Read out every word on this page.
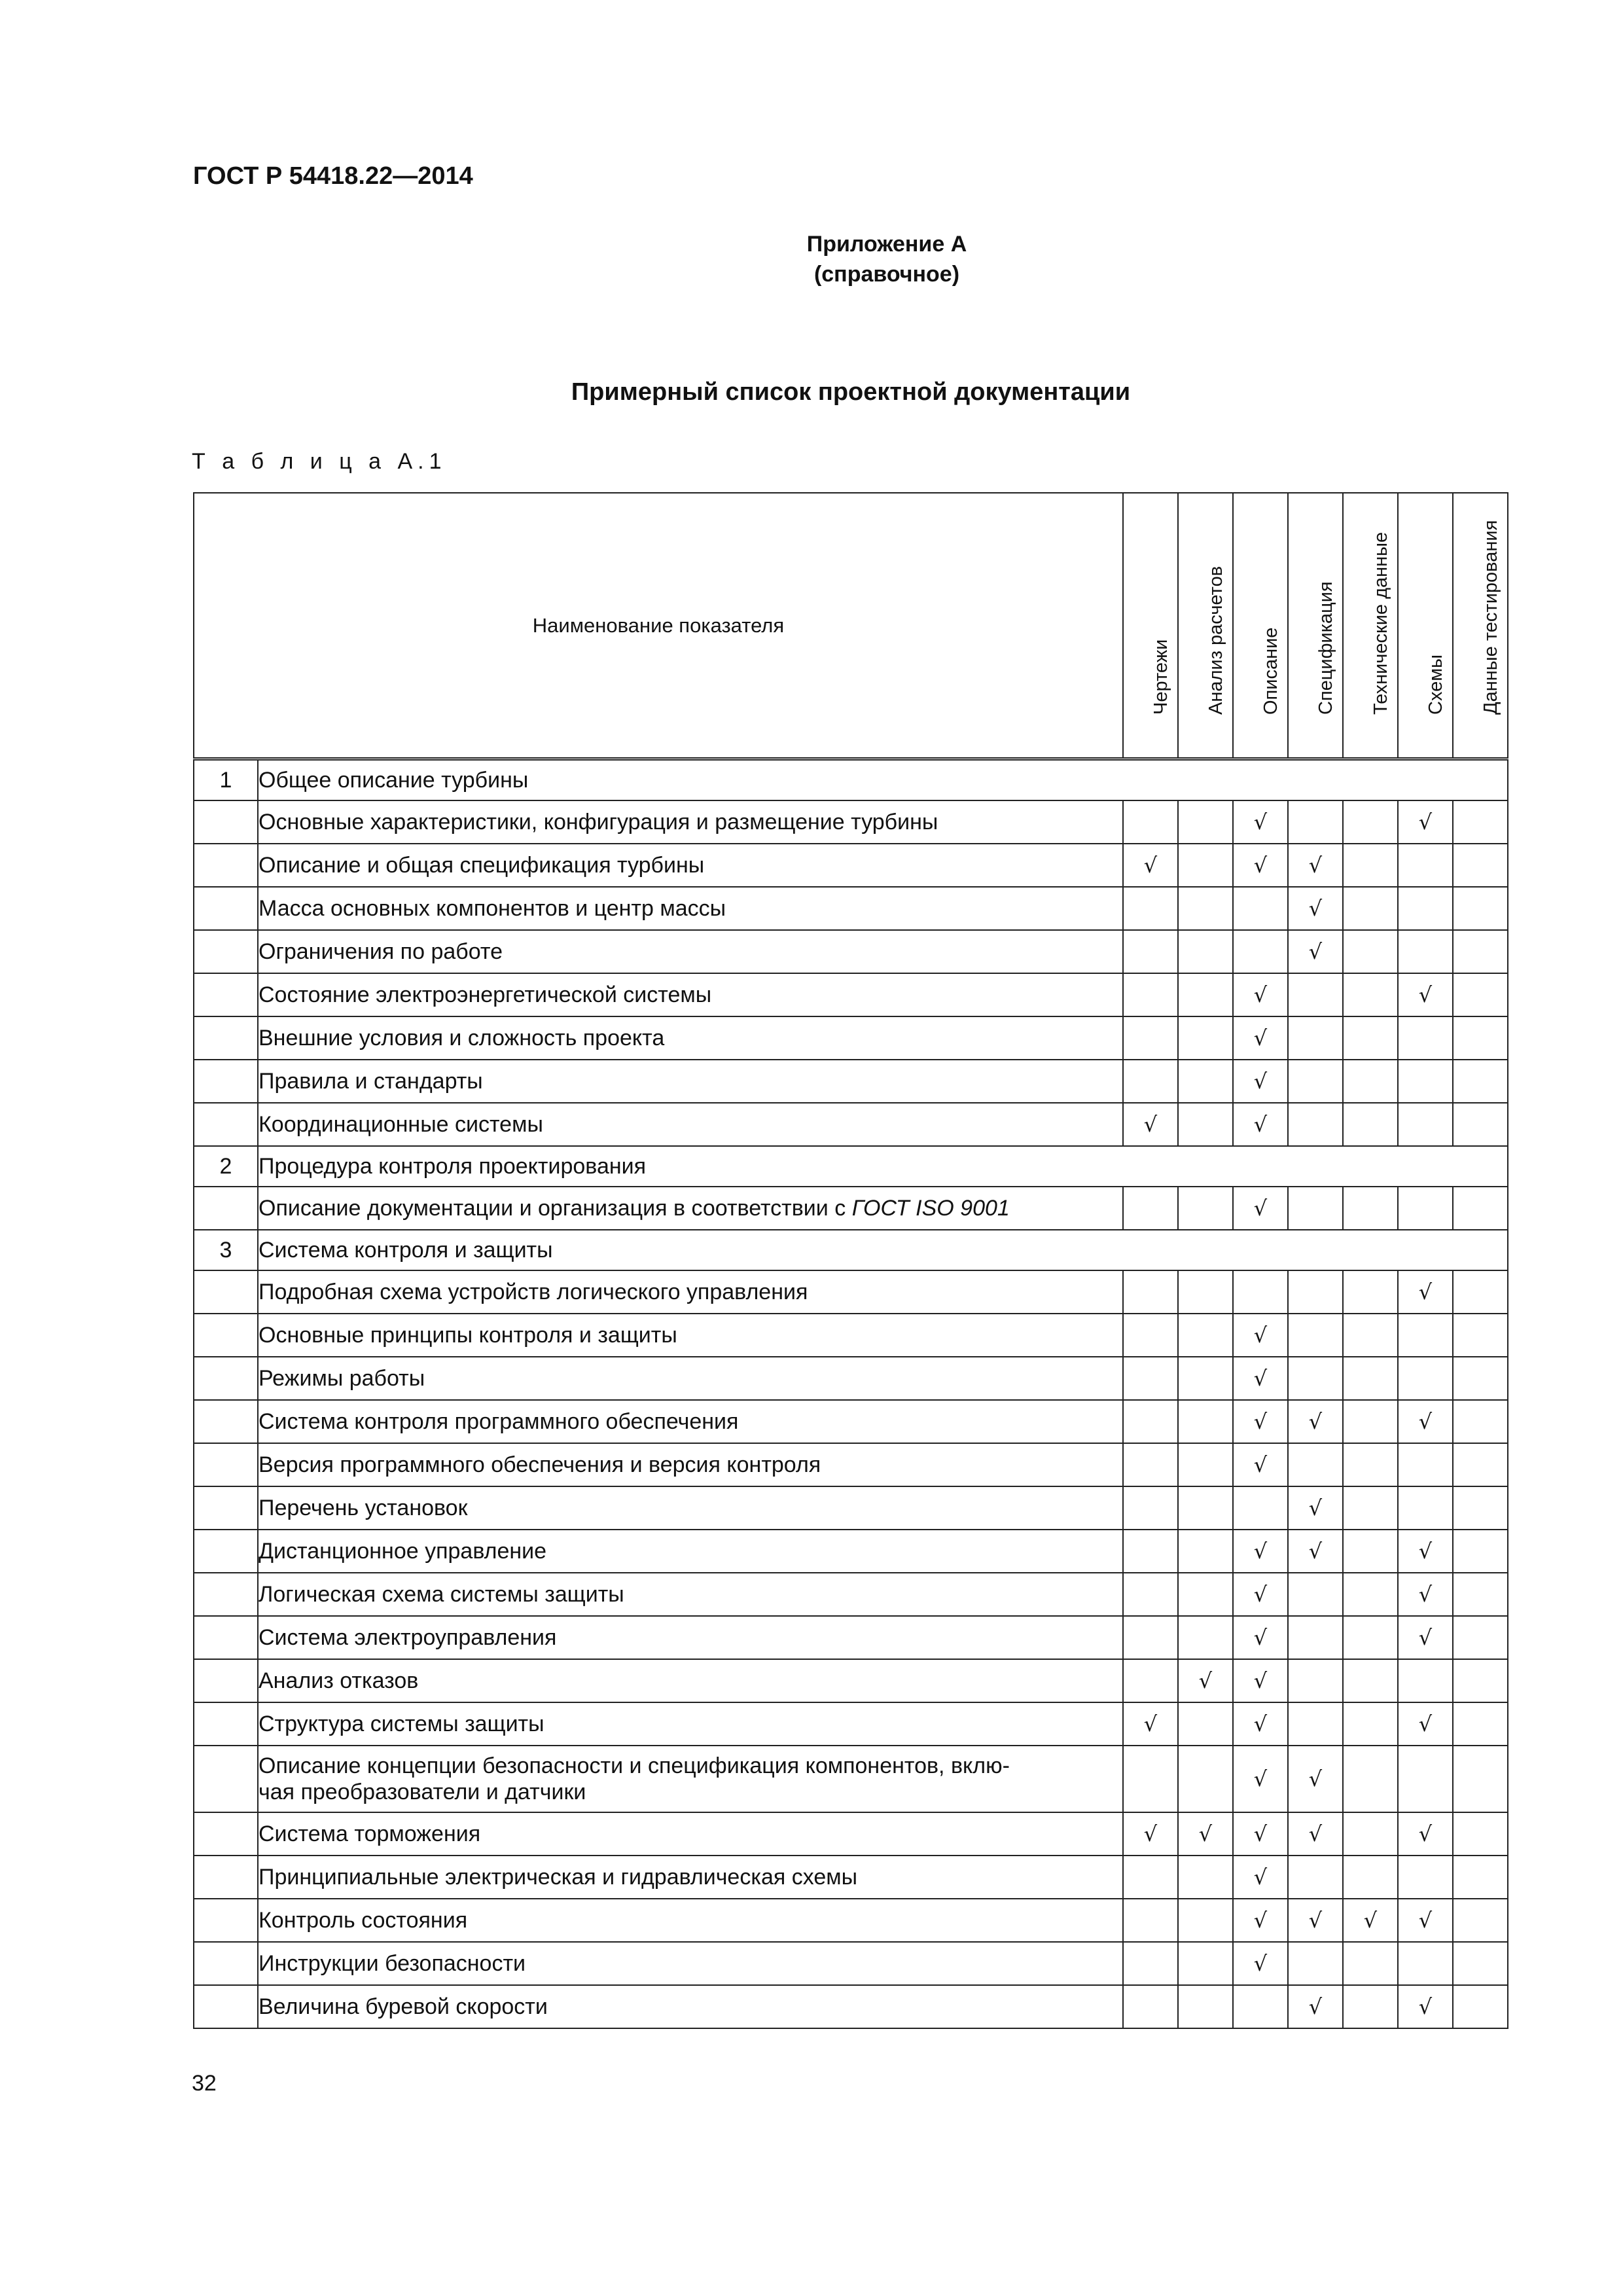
ГОСТ Р 54418.22—2014
Приложение А
(справочное)
Примерный список проектной документации
Т а б л и ц а А.1
Наименование показателя		Чертежи	Анализ расчетов	Описание	Спецификация	Технические данные	Схемы	Данные тестирования

1	Общее описание турбины							
	Основные характеристики, конфигурация и размещение турбины			√			√	
	Описание и общая спецификация турбины	√		√	√			
	Масса основных компонентов и центр массы				√			
	Ограничения по работе				√			
	Состояние электроэнергетической системы			√			√	
	Внешние условия и сложность проекта			√				
	Правила и стандарты			√				
	Координационные системы	√		√				
2	Процедура контроля проектирования							
	Описание документации и организация в соответствии с ГОСТ ISO 9001			√				
3	Система контроля и защиты							
	Подробная схема устройств логического управления						√	
	Основные принципы контроля и защиты			√				
	Режимы работы			√				
	Система контроля программного обеспечения			√	√		√	
	Версия программного обеспечения и версия контроля			√				
	Перечень установок				√			
	Дистанционное управление			√	√		√	
	Логическая схема системы защиты			√			√	
	Система электроуправления			√			√	
	Анализ отказов		√	√				
	Структура системы защиты	√		√			√	

	Описание концепции безопасности и спецификация компонентов, вклю-
чая преобразователи и датчики			√	√			
	Система торможения	√	√	√	√		√	
	Принципиальные электрическая и гидравлическая схемы			√				
	Контроль состояния			√	√	√	√	
	Инструкции безопасности			√				
	Величина буревой скорости				√		√	
32
